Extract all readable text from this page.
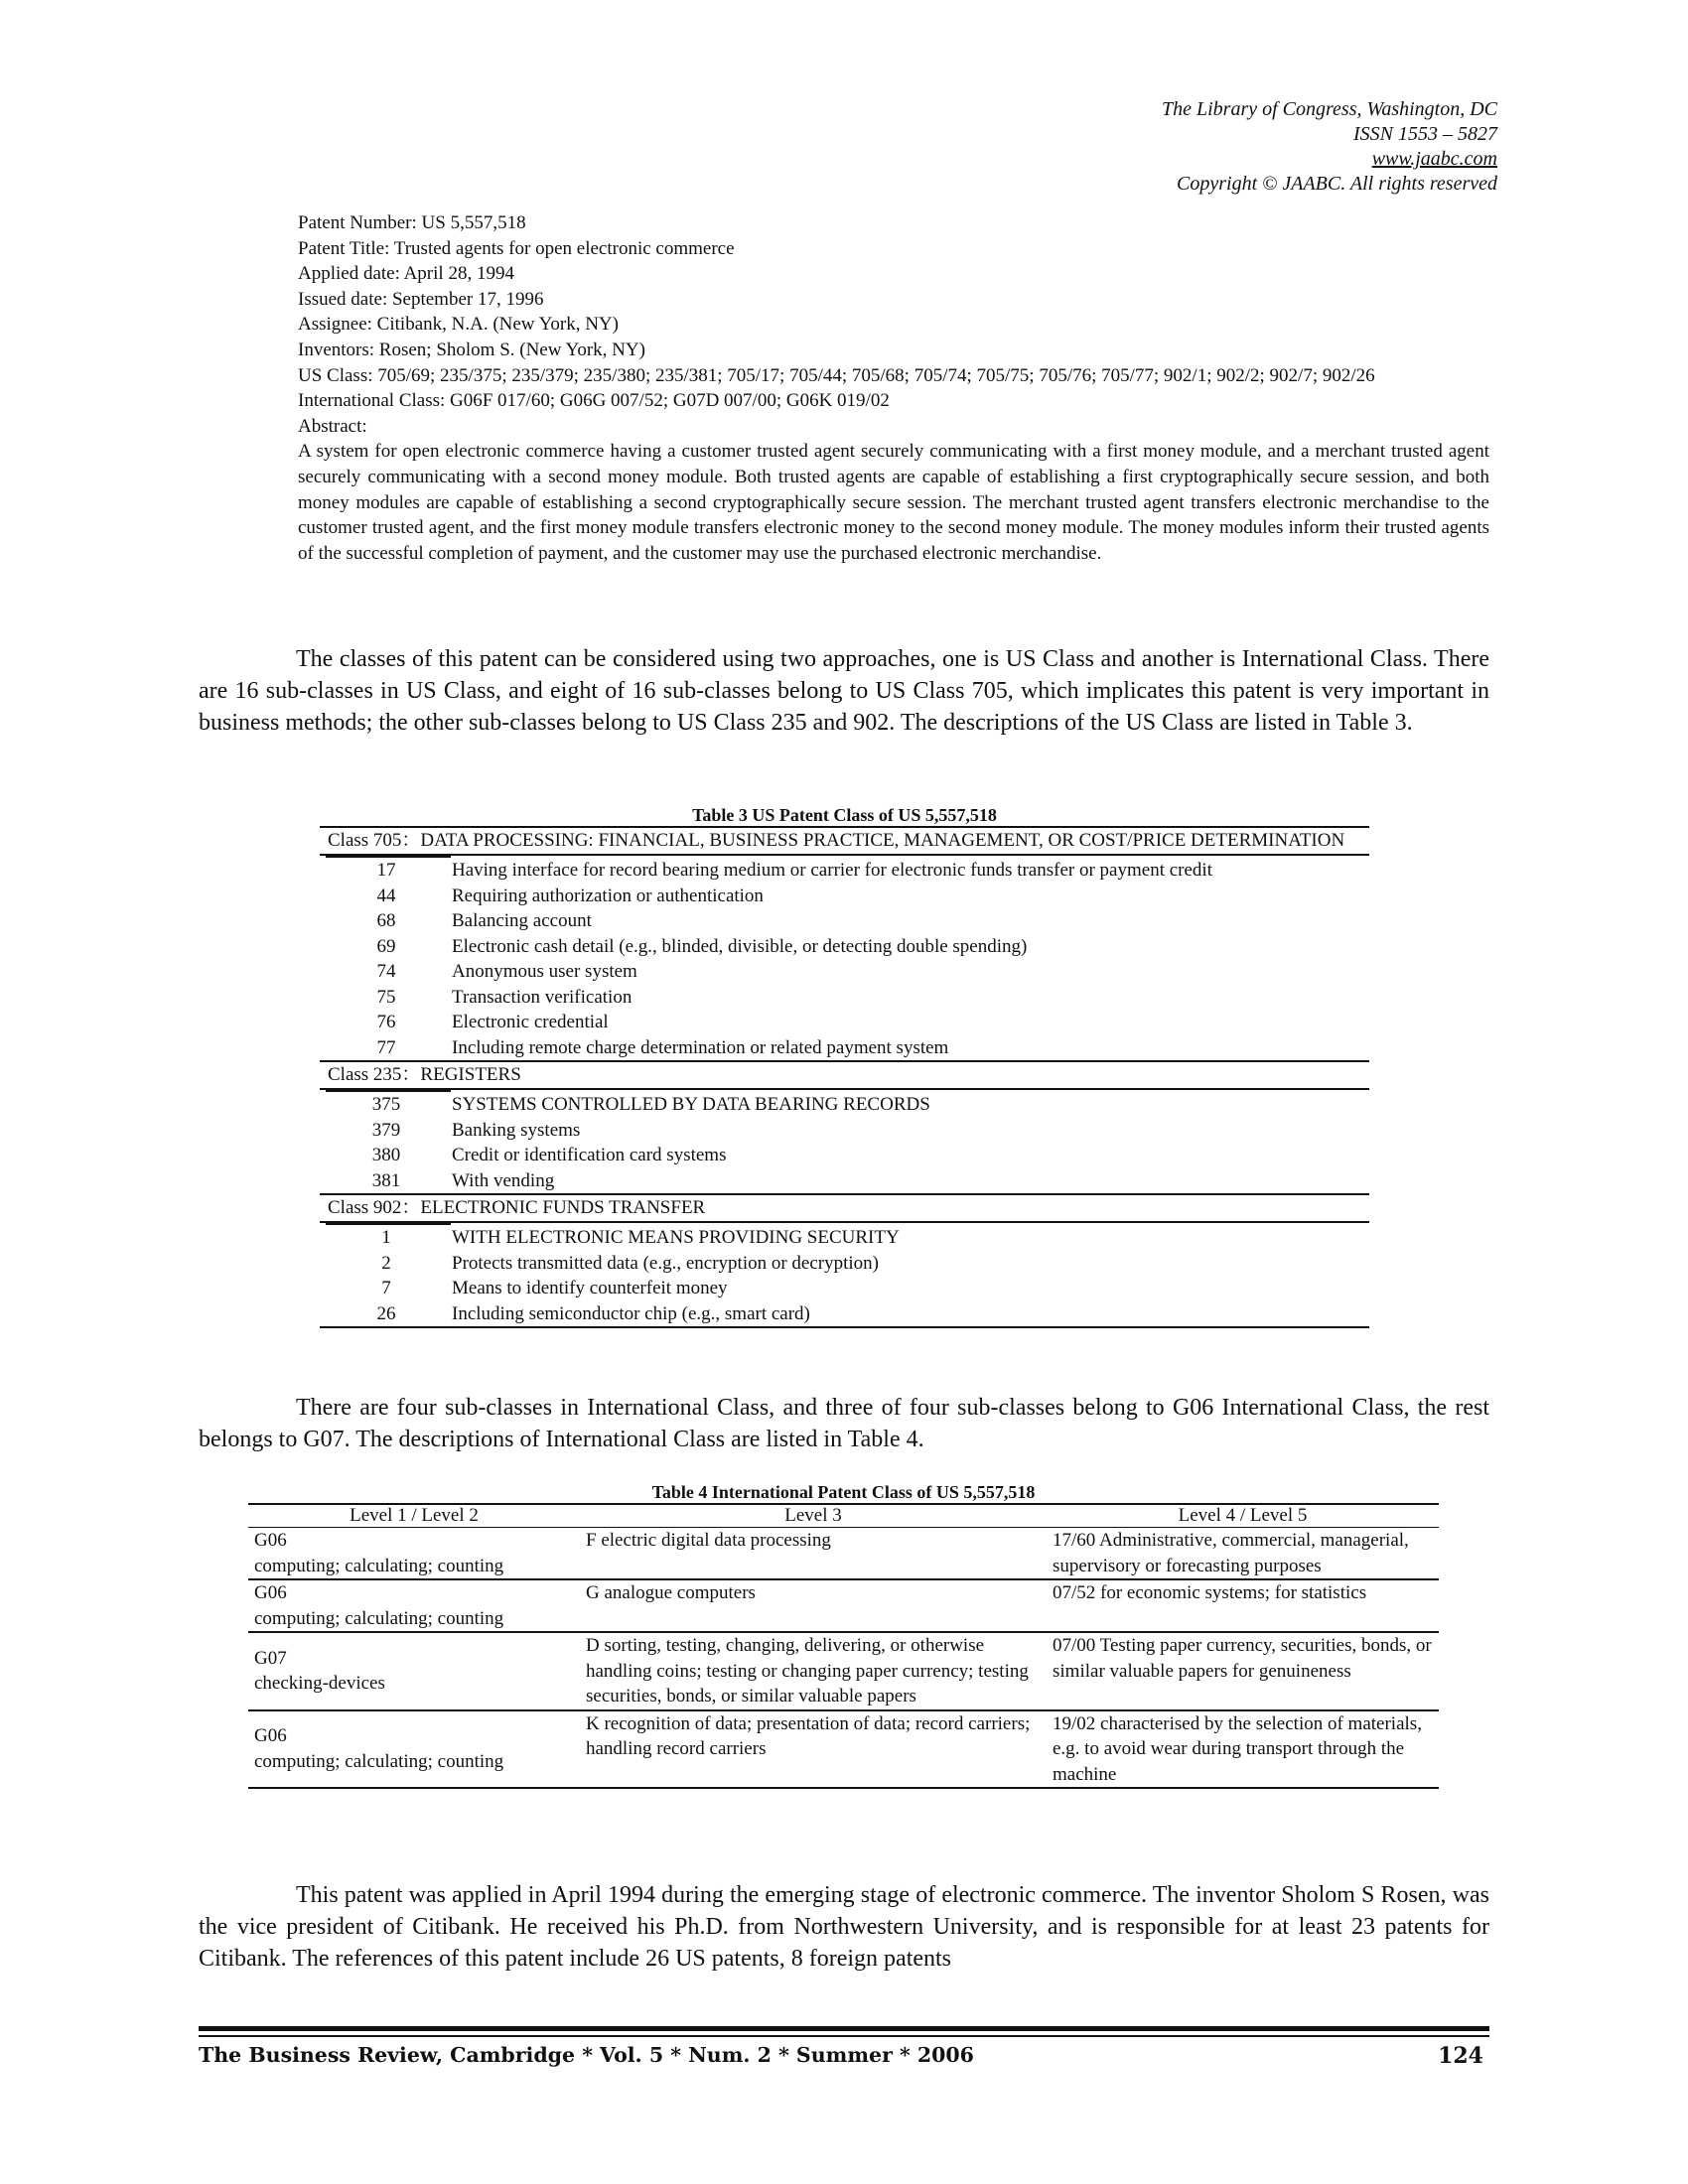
The Library of Congress, Washington, DC
ISSN 1553 – 5827
www.jaabc.com
Copyright © JAABC. All rights reserved
Patent Number: US 5,557,518
Patent Title: Trusted agents for open electronic commerce
Applied date: April 28, 1994
Issued date: September 17, 1996
Assignee: Citibank, N.A. (New York, NY)
Inventors: Rosen; Sholom S. (New York, NY)
US Class: 705/69; 235/375; 235/379; 235/380; 235/381; 705/17; 705/44; 705/68; 705/74; 705/75; 705/76; 705/77; 902/1; 902/2; 902/7; 902/26
International Class: G06F 017/60; G06G 007/52; G07D 007/00; G06K 019/02
Abstract:
A system for open electronic commerce having a customer trusted agent securely communicating with a first money module, and a merchant trusted agent securely communicating with a second money module. Both trusted agents are capable of establishing a first cryptographically secure session, and both money modules are capable of establishing a second cryptographically secure session. The merchant trusted agent transfers electronic merchandise to the customer trusted agent, and the first money module transfers electronic money to the second money module. The money modules inform their trusted agents of the successful completion of payment, and the customer may use the purchased electronic merchandise.
The classes of this patent can be considered using two approaches, one is US Class and another is International Class. There are 16 sub-classes in US Class, and eight of 16 sub-classes belong to US Class 705, which implicates this patent is very important in business methods; the other sub-classes belong to US Class 235 and 902. The descriptions of the US Class are listed in Table 3.
Table 3 US Patent Class of US 5,557,518
Class 705：DATA PROCESSING: FINANCIAL, BUSINESS PRACTICE, MANAGEMENT, OR COST/PRICE DETERMINATION
17	Having interface for record bearing medium or carrier for electronic funds transfer or payment credit
44	Requiring authorization or authentication
68	Balancing account
69	Electronic cash detail (e.g., blinded, divisible, or detecting double spending)
74	Anonymous user system
75	Transaction verification
76	Electronic credential
77	Including remote charge determination or related payment system
Class 235：REGISTERS
375	SYSTEMS CONTROLLED BY DATA BEARING RECORDS
379	Banking systems
380	Credit or identification card systems
381	With vending
Class 902：ELECTRONIC FUNDS TRANSFER
1	WITH ELECTRONIC MEANS PROVIDING SECURITY
2	Protects transmitted data (e.g., encryption or decryption)
7	Means to identify counterfeit money
26	Including semiconductor chip (e.g., smart card)
There are four sub-classes in International Class, and three of four sub-classes belong to G06 International Class, the rest belongs to G07. The descriptions of International Class are listed in Table 4.
Table 4 International Patent Class of US 5,557,518
Level 1 / Level 2	Level 3	Level 4 / Level 5

G06
computing; calculating; counting	F electric digital data processing	17/60 Administrative, commercial, managerial, supervisory or forecasting purposes

G06
computing; calculating; counting	G analogue computers	07/52 for economic systems; for statistics

G07
checking-devices	D sorting, testing, changing, delivering, or otherwise handling coins; testing or changing paper currency; testing securities, bonds, or similar valuable papers	07/00 Testing paper currency, securities, bonds, or similar valuable papers for genuineness

G06
computing; calculating; counting	K recognition of data; presentation of data; record carriers; handling record carriers	19/02 characterised by the selection of materials, e.g. to avoid wear during transport through the machine
This patent was applied in April 1994 during the emerging stage of electronic commerce. The inventor Sholom S Rosen, was the vice president of Citibank. He received his Ph.D. from Northwestern University, and is responsible for at least 23 patents for Citibank. The references of this patent include 26 US patents, 8 foreign patents
The Business Review, Cambridge * Vol. 5 * Num. 2 * Summer * 2006	124
